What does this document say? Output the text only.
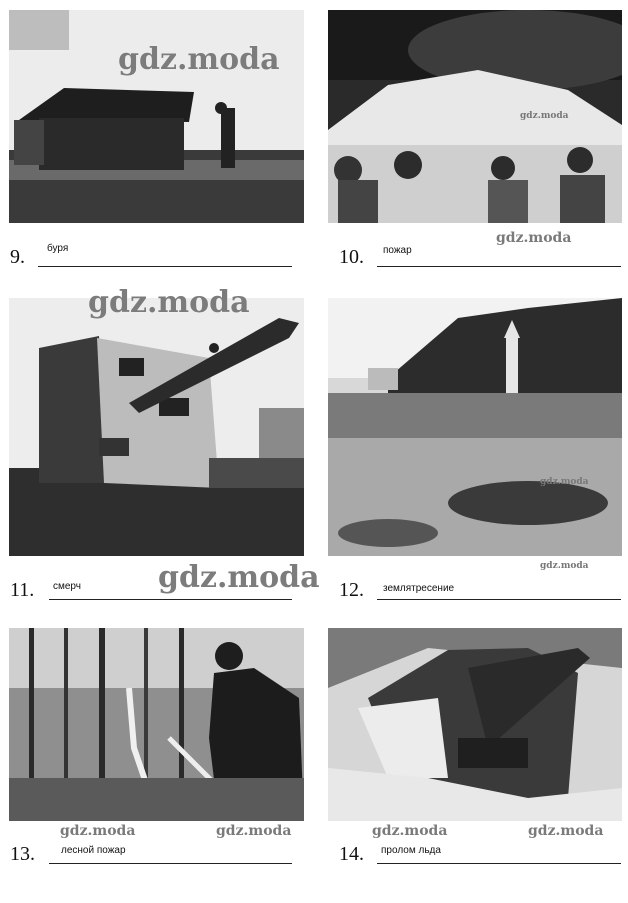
gdz.moda
gdz.moda
gdz.moda
9. буря	10. пожар
gdz.moda
gdz.moda
gdz.moda
11. смерч	gdz.moda 12. землятресение
gdz.moda	gdz.moda	gdz.moda	gdz.moda
13.	лесной пожар	14. пролом льда
